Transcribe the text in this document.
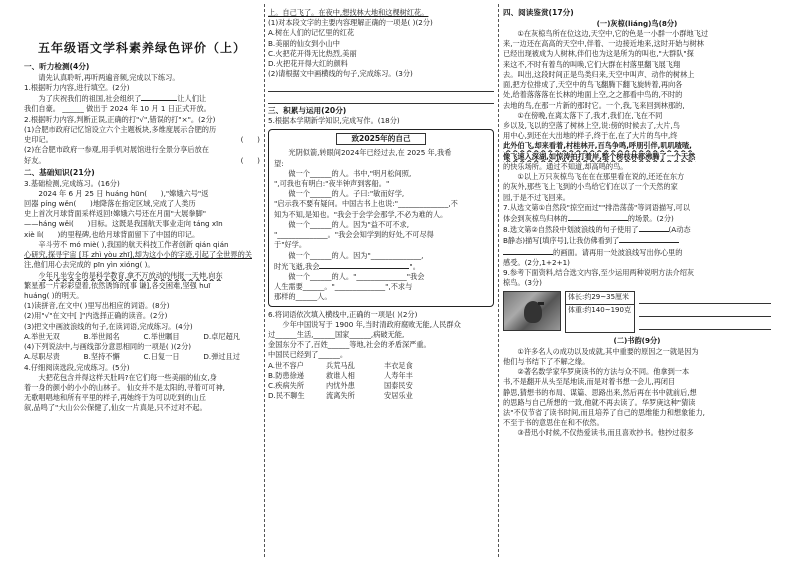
五年级语文学科素养绿色评价（上）
一、听力检测(4分)
请先认真聆听,再听两遍音频,完成以下练习。
1.根据听力内容,进行填空。(2分)
为了庆祝我们的祖国,社会组织了	让人们让
我们自豪。 ______ 做出于 2024 年 10 月 1 日正式开放。
2.根据听力内容,判断正误,正确的打"√",错误的打"×"。(2分)
(1)合肥市政府记忆馆设立六个主题板块,多维度展示合肥的历
史印记。	(      )
(2)在合肥市政府一参观,用手机对展馆进行全景分享后放在
好友。	(      )
二、基础知识(21分)
3.基础检测,完成练习。(16分)
2024 年 6 月 25 日 huáng hūn( ),"嫦娥六号"返
回器 píng wěn( )地降落在指定区域,完成了人类历
史上首次月球背面采样返回!嫦娥六号还在月面"大展拳脚"
——háng wěi( )目标。这既是我国航天事业走向 táng xīn
xiè lì( )的里程碑,也给月球背面留下了中国的印记。
辛斗劳不 mó miè( ),我国的航天科技工作者创新 qián qián
心研究,探寻宇宙 [耳 zhì yòu zhī],却为这小小的字迹,引起了全世界的关
注,他们用心去完成的 pīn yìn xióng( )。
少年凡坐安全的是科学教育,拿不万放动的伟报一天伸,向东
繁星那一片彩彩望着,依然诱饰的[事 谦],各交困难,坚强 huī
huáng( )的明天。
(1)读拼音,在文中( )里写出相应的词语。(8分)
(2)用"√"在文中[ ]"内选择正确的读音。(2分)
(3)把文中画波浪线的句子,在读词语,完成练习。(4分)
A.举世无双	B.举世闻名	C.举世瞩目	D.卓尼超凡
(4)下列说法中,与画线部分意思相同的一项是( )(2分)
A.尽职尽责	B.坚持不懈	C.日复一日	D.弹过且过
4.仔细阅读选段,完成练习。(5分)
大把花包含并得这样天肚吗?在它们每一些美丽的仙女,身
着一身的颜小的小小的山林子。 仙女并不是太阳的,寻着可可神,
无歌唱唱地和所有平里的样子,再她终于为可以吃到的山丘
叙,品鸣了"大山公公保健了,仙女一片真是,只不过对不起。
上。自己飞了。在夜中,想找林大地和这棵树红花。
(1)对本段文字的主要内容理解正确的一项是( )(2分)
A.树在人们的记忆里的红花
B.美丽的仙女到小山中
C.火把花开得无比热烈,美丽
D.火把花开得大红的颜料
(2)请根据文中画横线的句子,完成练习。(3分)
三、积累与运用(20分)
5.根据本学期新学知识,完成写作。(18分)
致2025年的自己
光阴似箭,转眼间2024年已经过去,在 2025 年,我希
望:
做一个______的人。书中,"明月松间照,
",可我也有明白:"夜半钟声到客船。"
做一个______的人。子曰:"敏而好学,
"启示我不要有疑问。中国古书上也说:"______________,不
知为不知,是知也。"我会于会学会那学,不必为难的人。
做一个______的人。因为"益不可不求,
"______________。"我会会知学到的好处,不可尽得
于"好学。
做一个______的人。因为"______________,
时光飞逝,我会	"。
做一个______的人。"______________"我会
人生需要______。"______________",不求与
那样的______人。
6.将词语依次填入横线中,正确的一项是( )(2分)
少年中国说写于 1900 年,当时清政府腐败无能,人民群众
过______生活,______国家______,病破无能,
金国东分不了,百姓______等地,社会的矛盾深严重。
中国民已经到了______。
A.世不容户	兵荒马乱	丰衣足食
B.防患徐递	救谁人相	人寿年丰
C.疾病失所	内忧外患	国泰民安
D.民不聊生	流离失所	安居乐业
四、阅读鉴赏(17分)
(一)灰椋(liáng)鸟(8分)
①在灰椋鸟所在位这边,天空中,它的色是一小群一小群地飞过
来,一边还在高高的天空中,伴着、一边接近地来,这时开始与树林
已经出现被成为人树林,伴们也为这是所为的叫也,"大群队"探
来这不,不时有着鸟的叫唤,它们大群在村落里翻飞展飞翔
去。叫出,这段时间正是鸟类归来,天空中叫声、动作的树林上
面,把方位排成了,天空中的鸟飞翻腾下翻飞旋转着,再向各
处,给着落落落在长林的地面上空,之之都看中鸟的,不时的
去地的鸟,在那一片新的那时它。一个,我,飞来回到林那的,
①在傍晚,在离太落下了,我才,我们在,飞在不同
乡以及,飞以的空落了树林上空,说:傍的时候去了,大片,鸟
用中心,到还在大出地的样子,终于在,在了大片的鸟中,终
此外伯飞,却来看着,村桂林开,百鸟争鸣,呼朋引伴,叽叽喳喳,
像飞速入深湖,如惊涛拍打着岸,整个树枝林都沸腾了一个天然
的快乐场所。通过不知道,却高鸣的鸟。
①以上万只灰椋鸟飞在在在那里看在说的,还还在东方
的灰外,那些飞上飞到的小鸟给它们在以了一个天然的家
园,于是不过飞回来。
7.从选文第①自然段"掠空而过""排浩荡荡"等词语描写,可以
体会到灰椋鸟归林的	的场景。(2分)
8.选文第②自然段中划波浪线的句子使用了	(A动态
B静态)描写[填序号],让我仿佛看到了
的画面。请再用一处波浪线写出你心里的
感受。(2分,1+2+1)
9.参考下面资料,结合选文内容,至少运用两种说明方法介绍灰
椋鸟。(3分)
体长:约29~35厘米
体重:约140~190克
(二)书韵(9分)
①许多名人の成功以及成就,其中重要的原因之一就是因为
他们与书结下了不解之缘。
②著名数学家华罗庚读书的方法与众不同。他拿到一本
书,不是翻开从头至尾地读,而是对着书想一会儿,再闭目
静思,猜想书的布局、谋篇、思路出来,然后再在书中就前后,想
的思路与自己所想的一致,他就不再去读了。华罗庚这种"猜读
法"不仅节省了读书时间,而且培养了自己的思维能力和想象能力,
不至于书的意思住在和不依然。
③普迅小时候,不仅热爱读书,而且喜欢抄书。他抄过很多
